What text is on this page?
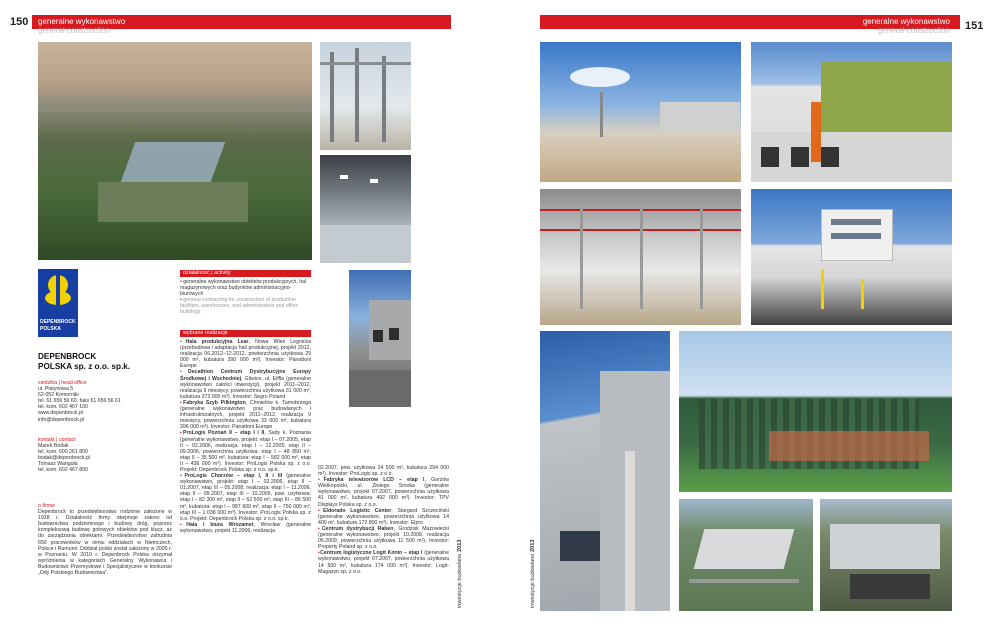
150 generalne wykonawstwo
general construction
generalne wykonawstwo
general construction 151
DEPENBROCK
POLSKA
DEPENBROCK
POLSKA sp. z o.o. sp.k.
siedziba | head office
ul. Platynowa 5
62-052 Komorniki
tel. 61 656 56 60, faks 61 656 56 61
tel. kom. 602 467 100
www.depenbrock.pl
info@depenbrock.pl
kontakt | contact
Marek Bodak
tel. kom. 600 261 800
bodak@depenbrock.pl
Tomasz Wanguła
tel. kom. 602 467 800
o firmie
Depenbrock to przedsiębiorstwo rodzinne założone w 1928 r. Działalność firmy obejmuje zakres od budownictwa podziemnego i budowy dróg, poprzez kompleksową budowę gotowych obiektów pod klucz, aż do zarządzania obiektami. Przedsiębiorstwo zatrudnia 650 pracowników w oimiu oddziałach w Niemczech, Polsce i Rumunii. Oddział polski został założony w 2005 r. w Poznaniu. W 2010 r. Depenbrock Polska otrzymał wyróżnienia w kategoriach Generalny Wykonawca i Budownictwo Przemysłowe i Specjalistyczne w konkursie „Orły Polskiego Budownictwa”.
działalność | activity
▪ generalne wykonawstwo obiektów produkcyjnych, hal magazynowych oraz budynków administracyjno-biurowych
▪ general contracting for construction of production facilities, warehouses, and administrative and office buildings
wybrane realizacje

▪Hala produkcyjna Lear, Nowa Wieś Legnicka (przebudowa i adaptacja hali produkcyjnej, projekt 2012, realizacja 06.2012–12.2012, powierzchnia użytkowa 29 000 m², kubatura 390 000 m³). Investor: Panattoni Europe

▪Decathlon Centrum Dystrybucyjne Europy Środkowej i Wschodniej, Gliwice, ul. Eiffla (generalne wykonawstwo całości inwestycji), projekt 2011–2012, realizacja 9 miesięcy, powierzchnia użytkowa 31 000 m², kubatura 372 000 m³). Investor: Segro Poland

▪Fabryka Szyb Pilkington, Chmielów k. Tarnobrzega (generalne wykonawstwo prac budowlanych i infrastrukturalnych, projekt 2011–2012, realizacja 9 miesięcy, powierzchnia użytkowa 33 000 m², kubatura 396 000 m³). Investor: Panattoni Europe

▪ProLogis Poznań II – etap I i II, Sady k. Poznania (generalne wykonawstwo, projekt: etap I – 07.2005, etap II – 02.2006, realizacja: etap I – 12.2005, etap II – 09.2006, powierzchnia użytkowa: etap I – 48 850 m², etap II – 35 500 m², kubatura: etap I – 582 000 m³, etap II – 436 000 m³). Investor: ProLogis Polska sp. z o.o. Projekt: Depenbrock Polska sp. z o.o. sp.k.

▪ProLogis Chorzów – etap I, II i III (generalne wykonawstwo, projekt: etap I – 02.2006, etap II – 01.2007, etap III – 05.2008, realizacja: etap I – 11.2006, etap II – 09.2007, etap III – 10.2009, pow. użytkowa: etap I – 82 300 m², etap II – 62 500 m², etap III – 86 500 m², kubatura: etap I – 987 600 m³, etap II – 750 000 m³, etap III – 1 038 000 m³). Investor: ProLogis Polska sp. z o.o. Projekt: Depenbrock Polska sp. z o.o. sp.k.

▪Hala i biura Wrozamet, Wrocław (generalne wykonawstwo, projekt 11.2006, realizacja

02.2007, pow. użytkowa 24 500 m², kubatura 294 000 m³). Investor: ProLogis sp. z o.o.

▪Fabryka telewizorów LCD – etap I, Gorzów Wielkopolski, ul. Złotego Smoka (generalne wykonawstwo, projekt 07.2007, powierzchnia użytkowa 41 000 m², kubatura 492 000 m³). Investor: TPV Displays Polska sp. z o.o.

▪Eldorado Logistic Center, Stargard Szczeciński (generalne wykonawstwo, powierzchnia użytkowa 14 400 m², kubatura 172 800 m³). Investor: Elpro

▪Centrum dystrybucji Raben, Grodzisk Mazowiecki (generalne wykonawstwo, projekt 10.2008, realizacja 06.2009, powierzchnia użytkowa 11 500 m²). Investor: Property Poland sp. z o.o.

▪Centrum logistyczne Logit Konin – etap I (generalne wykonawstwo, projekt 07.2007, powierzchnia użytkowa 14 500 m², kubatura 174 000 m³). Investor: Logit-Magazyn sp. z o.o.	inwestycje budowlane 2013
inwestycje budowlane 2013
